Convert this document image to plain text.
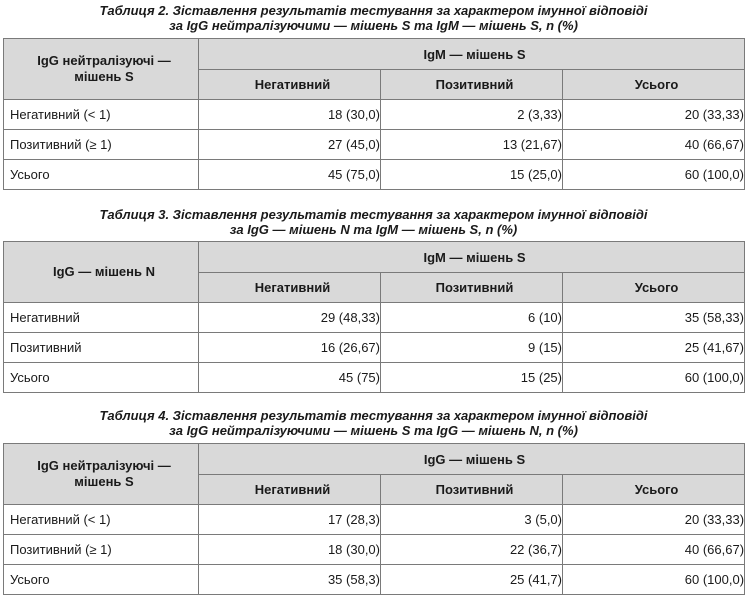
Таблиця 2. Зіставлення результатів тестування за характером імунної відповіді
за IgG нейтралізуючими — мішень S та IgM — мішень S, n (%)
IgG нейтралізуючі —
мішень S	IgM — мішень S		
	Негативний	Позитивний	Усього
Негативний (< 1)	18 (30,0)	2 (3,33)	20 (33,33)
Позитивний (≥ 1)	27 (45,0)	13 (21,67)	40 (66,67)
Усього	45 (75,0)	15 (25,0)	60 (100,0)
Таблиця 3. Зіставлення результатів тестування за характером імунної відповіді
за IgG — мішень N та IgM — мішень S, n (%)
IgG — мішень N	IgM — мішень S		
	Негативний	Позитивний	Усього
Негативний	29 (48,33)	6 (10)	35 (58,33)
Позитивний	16 (26,67)	9 (15)	25 (41,67)
Усього	45 (75)	15 (25)	60 (100,0)
Таблиця 4. Зіставлення результатів тестування за характером імунної відповіді
за IgG нейтралізуючими — мішень S та IgG — мішень N, n (%)
IgG нейтралізуючі —
мішень S	IgG — мішень S		
	Негативний	Позитивний	Усього
Негативний (< 1)	17 (28,3)	3 (5,0)	20 (33,33)
Позитивний (≥ 1)	18 (30,0)	22 (36,7)	40 (66,67)
Усього	35 (58,3)	25 (41,7)	60 (100,0)
